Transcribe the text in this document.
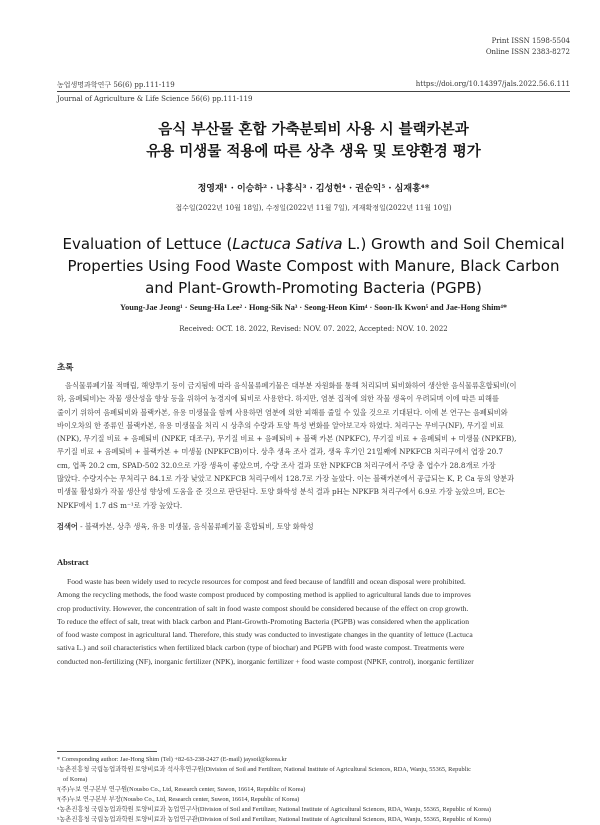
Print ISSN 1598-5504
Online ISSN 2383-8272
농업생명과학연구 56(6) pp.111-119	https://doi.org/10.14397/jals.2022.56.6.111
Journal of Agriculture & Life Science 56(6) pp.111-119
음식 부산물 혼합 가축분퇴비 사용 시 블랙카본과
유용 미생물 적용에 따른 상추 생육 및 토양환경 평가
정영재¹ · 이승하² · 나홍식³ · 김성헌⁴ · 권순익⁵ · 심재홍⁴*
접수일(2022년 10월 18일), 수정일(2022년 11월 7일), 게재확정일(2022년 11월 10일)
Evaluation of Lettuce (Lactuca Sativa L.) Growth and Soil Chemical
Properties Using Food Waste Compost with Manure, Black Carbon
and Plant-Growth-Promoting Bacteria (PGPB)
Young-Jae Jeong¹ · Seung-Ha Lee² · Hong-Sik Na³ · Seong-Heon Kim⁴ · Soon-Ik Kwon⁵ and Jae-Hong Shim⁴*
Received: OCT. 18. 2022, Revised: NOV. 07. 2022, Accepted: NOV. 10. 2022
초록
음식물류폐기물 적매립, 해양투기 등이 금지됨에 따라 음식물류폐기물은 대부분 자원화를 통해 처리되며 퇴비화하여 생산한 음식물류혼합퇴비(이
하, 음폐퇴비)는 작물 생산성을 향상 등을 위하여 농경지에 퇴비로 사용한다. 하지만, 염분 집적에 의한 작물 생육이 우려되며 이에 따른 피해를
줄이기 위하여 음폐퇴비와 블랙카본, 유용 미생물을 함께 사용하면 염분에 의한 피해를 줄일 수 있을 것으로 기대된다. 이에 본 연구는 음폐퇴비와
바이오차의 한 종류인 블랙카본, 유용 미생물을 처리 시 상추의 수량과 토양 특성 변화를 알아보고자 하였다. 처리구는 무비구(NF), 무기질 비료
(NPK), 무기질 비료 + 음폐퇴비 (NPKF, 대조구), 무기질 비료 + 음폐퇴비 + 블랙 카본 (NPKFC), 무기질 비료 + 음폐퇴비 + 미생물 (NPKFB),
무기질 비료 + 음폐퇴비 + 블랙카본 + 미생물 (NPKFCB)이다. 상추 생육 조사 결과, 생육 후기인 21일째에 NPKFCB 처리구에서 엽장 20.7
cm, 엽폭 20.2 cm, SPAD-502 32.0으로 가장 생육이 좋았으며, 수량 조사 결과 또한 NPKFCB 처리구에서 주당 총 엽수가 28.8개로 가장
많았다. 수량지수는 무처리구 84.1로 가장 낮았고 NPKFCB 처리구에서 128.7로 가장 높았다. 이는 블랙카본에서 공급되는 K, P, Ca 등의 양분과
미생물 활성화가 작물 생산성 향상에 도움을 준 것으로 판단된다. 토양 화학성 분석 결과 pH는 NPKFB 처리구에서 6.9로 가장 높았으며, EC는
NPKF에서 1.7 dS m⁻¹로 가장 높았다.
검색어 - 블랙카본, 상추 생육, 유용 미생물, 음식물류폐기물 혼합퇴비, 토양 화학성
Abstract
Food waste has been widely used to recycle resources for compost and feed because of landfill and ocean disposal were prohibited.
Among the recycling methods, the food waste compost produced by composting method is applied to agricultural lands due to improves
crop productivity. However, the concentration of salt in food waste compost should be considered because of the effect on crop growth.
To reduce the effect of salt, treat with black carbon and Plant-Growth-Promoting Bacteria (PGPB) was considered when the application
of food waste compost in agricultural land. Therefore, this study was conducted to investigate changes in the quantity of lettuce (Lactuca
sativa L.) and soil characteristics when fertilized black carbon (type of biochar) and PGPB with food waste compost. Treatments were
conducted non-fertilizing (NF), inorganic fertilizer (NPK), inorganic fertilizer + food waste compost (NPKF, control), inorganic fertilizer
* Corresponding author: Jae-Hong Shim (Tel) +82-63-238-2427 (E-mail) jaysoil@korea.kr
¹농촌진흥청 국립농업과학원 토양비료과 석사후연구원(Division of Soil and Fertilizer, National Institute of Agricultural Sciences, RDA, Wanju, 55365, Republic
of Korea)
²(주)누보 연구본부 연구원(Nousbo Co., Ltd, Research center, Suwon, 16614, Republic of Korea)
³(주)누보 연구본부 부장(Nousbo Co., Ltd, Research center, Suwon, 16614, Republic of Korea)
⁴농촌진흥청 국립농업과학원 토양비료과 농업연구사(Division of Soil and Fertilizer, National Institute of Agricultural Sciences, RDA, Wanju, 55365, Republic of Korea)
⁵농촌진흥청 국립농업과학원 토양비료과 농업연구관(Division of Soil and Fertilizer, National Institute of Agricultural Sciences, RDA, Wanju, 55365, Republic of Korea)
